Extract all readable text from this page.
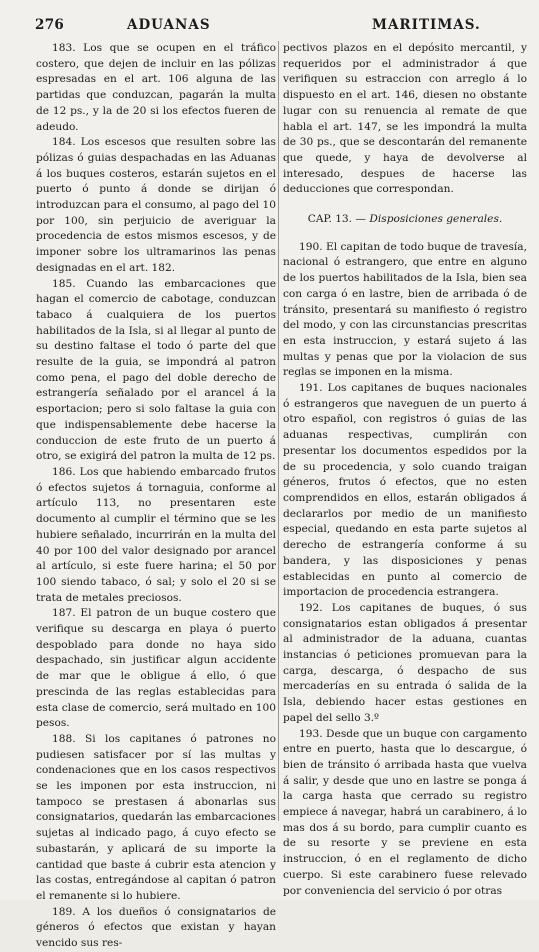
276	ADUANAS	MARITIMAS.

183. Los que se ocupen en el tráfico costero, que dejen de incluir en las pólizas espresadas en el art. 106 alguna de las partidas que conduzcan, pagarán la multa de 12 ps., y la de 20 si los efectos fueren de adeudo.

184. Los escesos que resulten sobre las pólizas ó guias despachadas en las Aduanas á los buques costeros, estarán sujetos en el puerto ó punto á donde se dirijan ó introduzcan para el consumo, al pago del 10 por 100, sin perjuicio de averiguar la procedencia de estos mismos escesos, y de imponer sobre los ultramarinos las penas designadas en el art. 182.

185. Cuando las embarcaciones que hagan el comercio de cabotage, conduzcan tabaco á cualquiera de los puertos habilitados de la Isla, si al llegar al punto de su destino faltase el todo ó parte del que resulte de la guia, se impondrá al patron como pena, el pago del doble derecho de estrangería señalado por el arancel á la esportacion; pero si solo faltase la guia con que indispensablemente debe hacerse la conduccion de este fruto de un puerto á otro, se exigirá del patron la multa de 12 ps.

186. Los que habiendo embarcado frutos ó efectos sujetos á tornaguia, conforme al artículo 113, no presentaren este documento al cumplir el término que se les hubiere señalado, incurrirán en la multa del 40 por 100 del valor designado por arancel al artículo, si este fuere harina; el 50 por 100 siendo tabaco, ó sal; y solo el 20 si se trata de metales preciosos.

187. El patron de un buque costero que verifique su descarga en playa ó puerto despoblado para donde no haya sido despachado, sin justificar algun accidente de mar que le obligue á ello, ó que prescinda de las reglas establecidas para esta clase de comercio, será multado en 100 pesos.

188. Si los capitanes ó patrones no pudiesen satisfacer por sí las multas y condenaciones que en los casos respectivos se les imponen por esta instruccion, ni tampoco se prestasen á abonarlas sus consignatarios, quedarán las embarcaciones sujetas al indicado pago, á cuyo efecto se subastarán, y aplicará de su importe la cantidad que baste á cubrir esta atencion y las costas, entregándose al capitan ó patron el remanente si lo hubiere.

189. A los dueños ó consignatarios de géneros ó efectos que existan y hayan vencido sus res-

pectivos plazos en el depósito mercantil, y requeridos por el administrador á que verifiquen su estraccion con arreglo á lo dispuesto en el art. 146, diesen no obstante lugar con su renuencia al remate de que habla el art. 147, se les impondrá la multa de 30 ps., que se descontarán del remanente que quede, y haya de devolverse al interesado, despues de hacerse las deducciones que correspondan.

CAP. 13. — Disposiciones generales.

190. El capitan de todo buque de travesía, nacional ó estrangero, que entre en alguno de los puertos habilitados de la Isla, bien sea con carga ó en lastre, bien de arribada ó de tránsito, presentará su manifiesto ó registro del modo, y con las circunstancias prescritas en esta instruccion, y estará sujeto á las multas y penas que por la violacion de sus reglas se imponen en la misma.

191. Los capitanes de buques nacionales ó estrangeros que naveguen de un puerto á otro español, con registros ó guias de las aduanas respectivas, cumplirán con presentar los documentos espedidos por la de su procedencia, y solo cuando traigan géneros, frutos ó efectos, que no esten comprendidos en ellos, estarán obligados á declararlos por medio de un manifiesto especial, quedando en esta parte sujetos al derecho de estrangería conforme á su bandera, y las disposiciones y penas establecidas en punto al comercio de importacion de procedencia estrangera.

192. Los capitanes de buques, ó sus consignatarios estan obligados á presentar al administrador de la aduana, cuantas instancias ó peticiones promuevan para la carga, descarga, ó despacho de sus mercaderías en su entrada ó salida de la Isla, debiendo hacer estas gestiones en papel del sello 3.º

193. Desde que un buque con cargamento entre en puerto, hasta que lo descargue, ó bien de tránsito ó arribada hasta que vuelva á salir, y desde que uno en lastre se ponga á la carga hasta que cerrado su registro empiece á navegar, habrá un carabinero, á lo mas dos á su bordo, para cumplir cuanto es de su resorte y se previene en esta instruccion, ó en el reglamento de dicho cuerpo. Si este carabinero fuese relevado por conveniencia del servicio ó por otras
